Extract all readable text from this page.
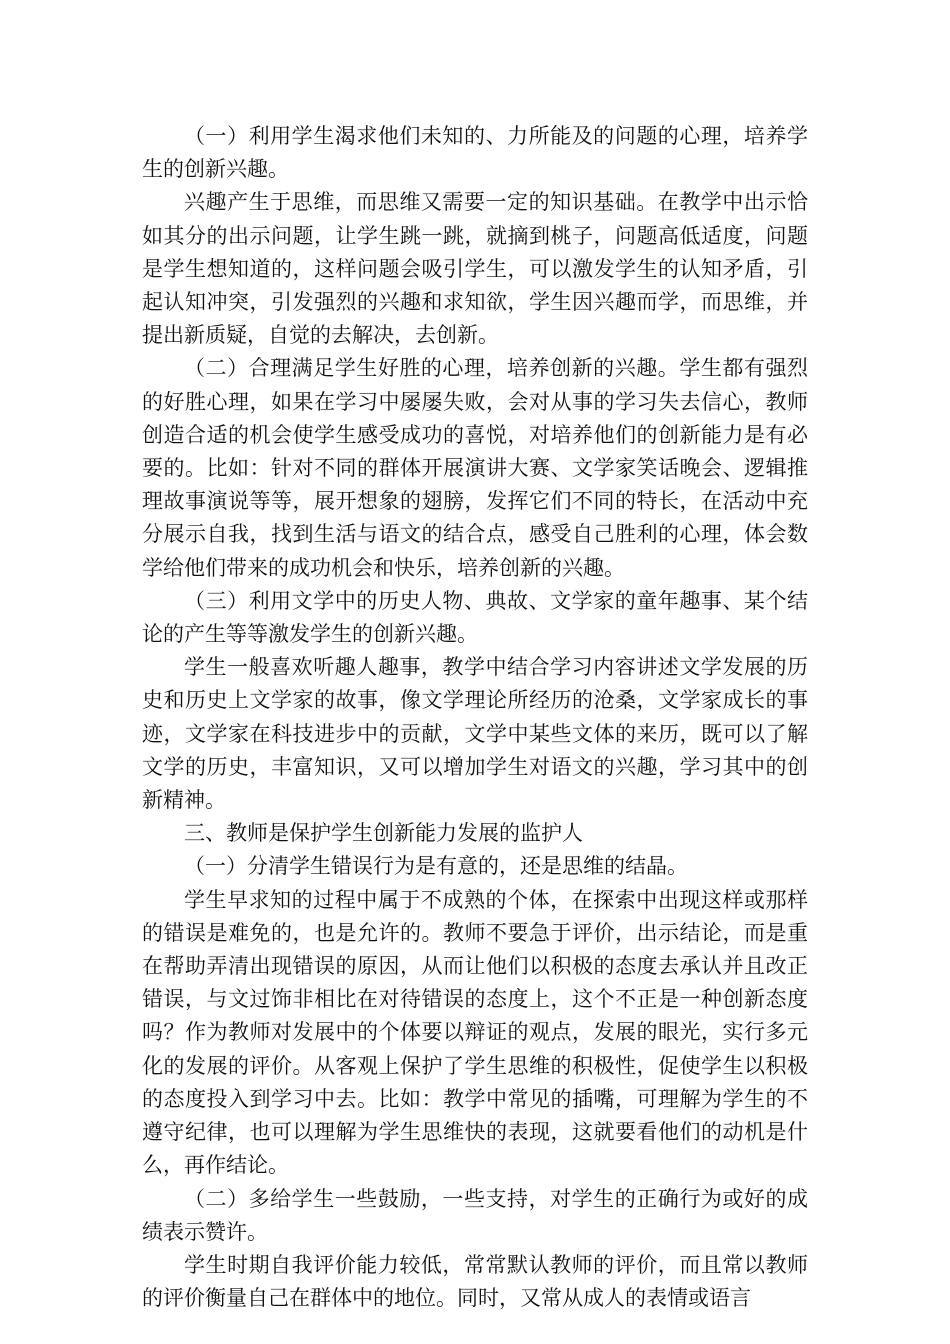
（一）利用学生渴求他们未知的、力所能及的问题的心理，培养学生的创新兴趣。

兴趣产生于思维，而思维又需要一定的知识基础。在教学中出示恰如其分的出示问题，让学生跳一跳，就摘到桃子，问题高低适度，问题是学生想知道的，这样问题会吸引学生，可以激发学生的认知矛盾，引起认知冲突，引发强烈的兴趣和求知欲，学生因兴趣而学，而思维，并提出新质疑，自觉的去解决，去创新。

（二）合理满足学生好胜的心理，培养创新的兴趣。学生都有强烈的好胜心理，如果在学习中屡屡失败，会对从事的学习失去信心，教师创造合适的机会使学生感受成功的喜悦，对培养他们的创新能力是有必要的。比如：针对不同的群体开展演讲大赛、文学家笑话晚会、逻辑推理故事演说等等，展开想象的翅膀，发挥它们不同的特长，在活动中充分展示自我，找到生活与语文的结合点，感受自己胜利的心理，体会数学给他们带来的成功机会和快乐，培养创新的兴趣。

（三）利用文学中的历史人物、典故、文学家的童年趣事、某个结论的产生等等激发学生的创新兴趣。

学生一般喜欢听趣人趣事，教学中结合学习内容讲述文学发展的历史和历史上文学家的故事，像文学理论所经历的沧桑，文学家成长的事迹，文学家在科技进步中的贡献，文学中某些文体的来历，既可以了解文学的历史，丰富知识，又可以增加学生对语文的兴趣，学习其中的创新精神。

三、教师是保护学生创新能力发展的监护人

（一）分清学生错误行为是有意的，还是思维的结晶。

学生早求知的过程中属于不成熟的个体，在探索中出现这样或那样的错误是难免的，也是允许的。教师不要急于评价，出示结论，而是重在帮助弄清出现错误的原因，从而让他们以积极的态度去承认并且改正错误，与文过饰非相比在对待错误的态度上，这个不正是一种创新态度吗？作为教师对发展中的个体要以辩证的观点，发展的眼光，实行多元化的发展的评价。从客观上保护了学生思维的积极性，促使学生以积极的态度投入到学习中去。比如：教学中常见的插嘴，可理解为学生的不遵守纪律，也可以理解为学生思维快的表现，这就要看他们的动机是什么，再作结论。

（二）多给学生一些鼓励，一些支持，对学生的正确行为或好的成绩表示赞许。

学生时期自我评价能力较低，常常默认教师的评价，而且常以教师的评价衡量自己在群体中的地位。同时，又常从成人的表情或语言
